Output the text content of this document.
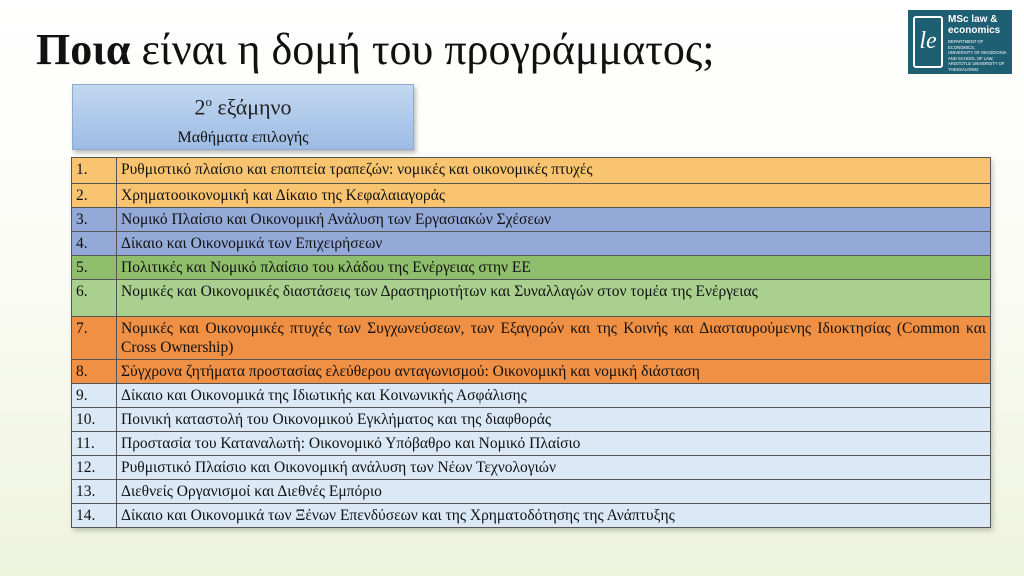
Ποια είναι η δομή του προγράμματος;	le
MSc law &
economics
DEPARTMENT OF ECONOMICS,
UNIVERSITY OF MACEDONIA
AND SCHOOL OF LAW,
ARISTOTLE UNIVERSITY OF THESSALONIKI
$2^o$ εξάμηνο
Μαθήματα επιλογής
1.	Ρυθμιστικό πλαίσιο και εποπτεία τραπεζών: νομικές και οικονομικές πτυχές
2.	Χρηματοοικονομική και Δίκαιο της Κεφαλαιαγοράς
3.	Νομικό Πλαίσιο και Οικονομική Ανάλυση των Εργασιακών Σχέσεων
4.	Δίκαιο και Οικονομικά των Επιχειρήσεων
5.	Πολιτικές και Νομικό πλαίσιο του κλάδου της Ενέργειας στην ΕΕ
6.	Νομικές και Οικονομικές διαστάσεις των Δραστηριοτήτων και Συναλλαγών στον τομέα της Ενέργειας
7.	Νομικές και Οικονομικές πτυχές των Συγχωνεύσεων, των Εξαγορών και της Κοινής και Διασταυρούμενης Ιδιοκτησίας (Common και Cross Ownership)
8.	Σύγχρονα ζητήματα προστασίας ελεύθερου ανταγωνισμού: Οικονομική και νομική διάσταση
9.	Δίκαιο και Οικονομικά της Ιδιωτικής και Κοινωνικής Ασφάλισης
10.	Ποινική καταστολή του Οικονομικού Εγκλήματος και της διαφθοράς
11.	Προστασία του Καταναλωτή: Οικονομικό Υπόβαθρο και Νομικό Πλαίσιο
12.	Ρυθμιστικό Πλαίσιο και Οικονομική ανάλυση των Νέων Τεχνολογιών
13.	Διεθνείς Οργανισμοί και Διεθνές Εμπόριο
14.	Δίκαιο και Οικονομικά των Ξένων Επενδύσεων και της Χρηματοδότησης της Ανάπτυξης
